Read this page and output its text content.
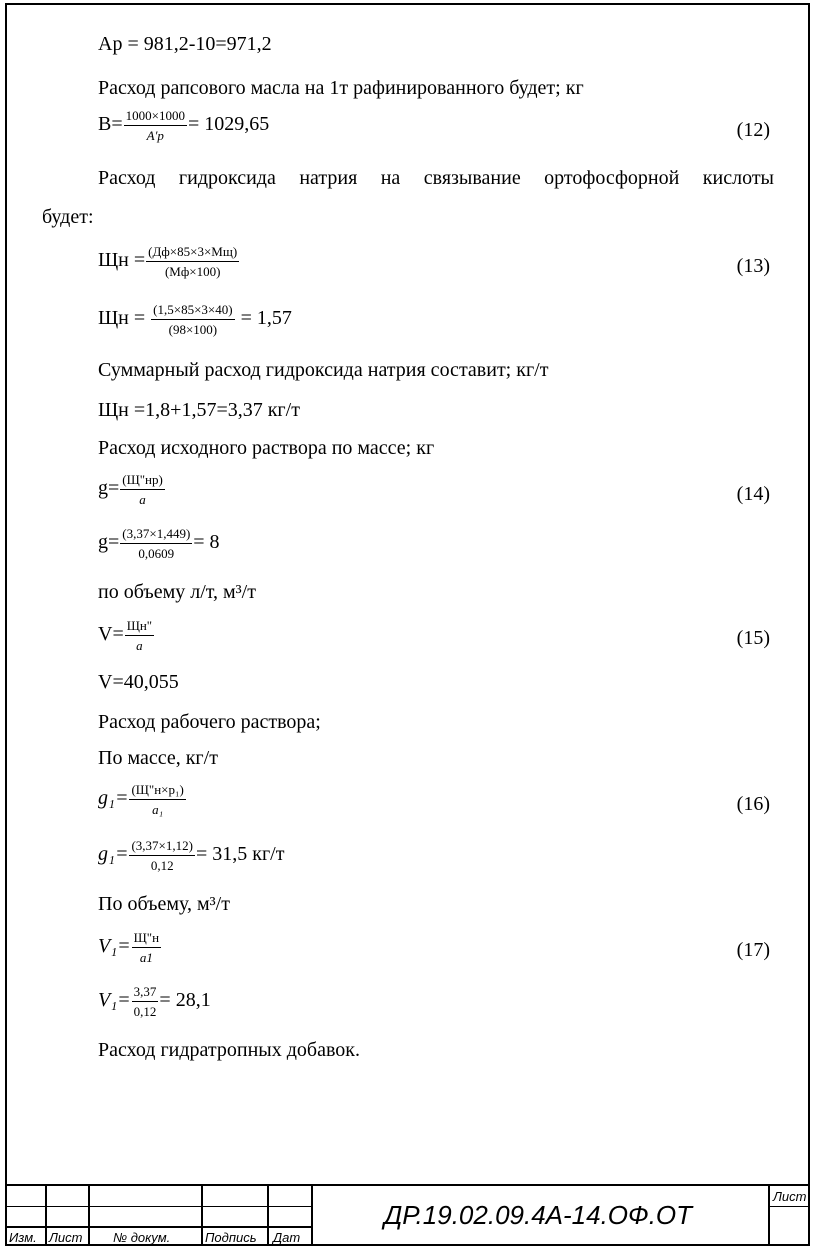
Ар = 981,2-10=971,2
Расход рапсового масла на 1т рафинированного будет; кг
$B= \frac{1000\times 1000}{A'р} = 1029,65$	(12)
Расход гидроксида натрия на связывание ортофосфорной кислоты
будет:
Щн = $\frac{(Дф\times 85\times 3\times Мщ)}{(Мф\times 100)}$	(13)
Щн = $\frac{(1,5\times 85\times 3\times 40)}{(98\times 100)} = 1,57$
Суммарный расход гидроксида натрия составит; кг/т
Щн =1,8+1,57=3,37 кг/т
Расход исходного раствора по массе; кг
$g= \frac{(Щ"нр)}{a}$	(14)
$g= \frac{(3,37\times 1,449)}{0,0609} = 8$
по объему л/т, м³/т
$V= \frac{Щн"}{a}$	(15)
V=40,055
Расход рабочего раствора;
По массе, кг/т
$g_1= \frac{\text{(Щ"н×p₁)}}{\text{a₁}}$	(16)
$g_1= \frac{(3,37\times 1,12)}{0,12} = 31,5$ кг/т
По объему, м³/т
$V_1= \frac{Щ"н}{a1}$	(17)
$V_1= \frac{3,37}{0,12} = 28,1$
Расход гидратропных добавок.
Изм. Лист № докум.	Подпись Дат
Лист
ДР.19.02.09.4А-14.ОФ.ОТ
